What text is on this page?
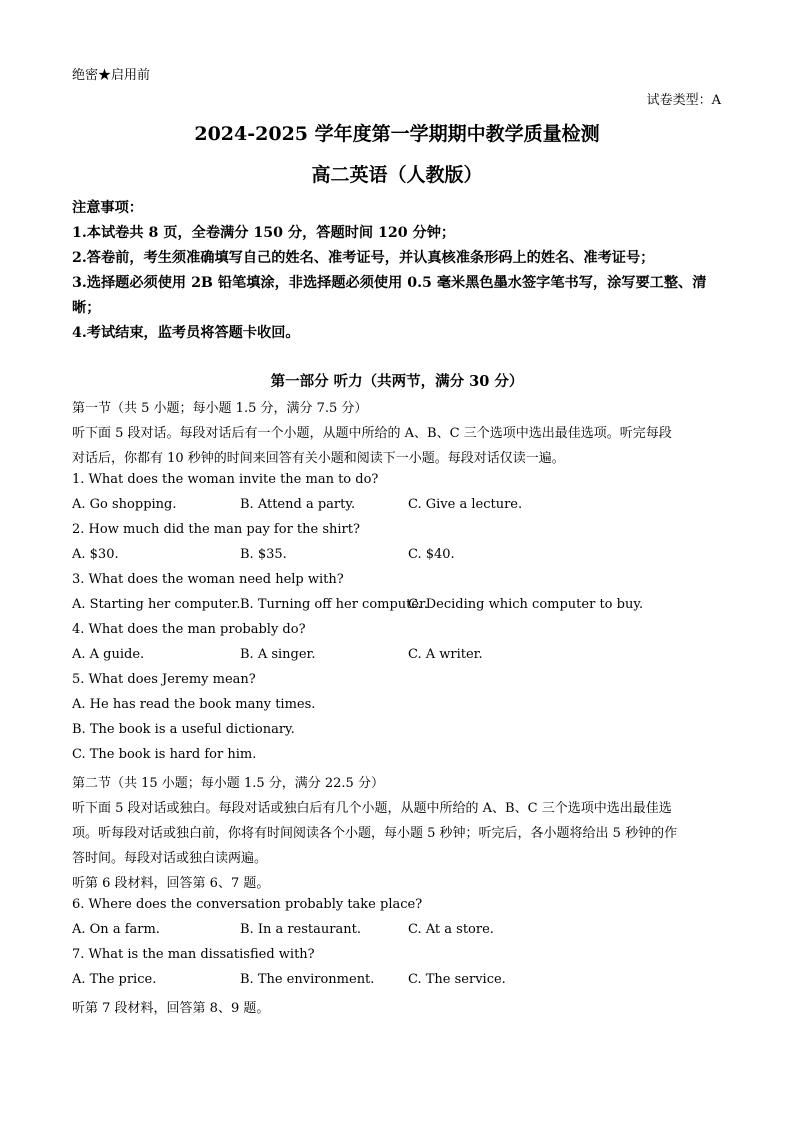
绝密★启用前
试卷类型：A
2024-2025 学年度第一学期期中教学质量检测
高二英语（人教版）
注意事项：
1.本试卷共 8 页，全卷满分 150 分，答题时间 120 分钟；
2.答卷前，考生须准确填写自己的姓名、准考证号，并认真核准条形码上的姓名、准考证号；
3.选择题必须使用 2B 铅笔填涂，非选择题必须使用 0.5 毫米黑色墨水签字笔书写，涂写要工整、清晰；
4.考试结束，监考员将答题卡收回。
第一部分 听力（共两节，满分 30 分）
第一节（共 5 小题；每小题 1.5 分，满分 7.5 分）
听下面 5 段对话。每段对话后有一个小题，从题中所给的 A、B、C 三个选项中选出最佳选项。听完每段
对话后，你都有 10 秒钟的时间来回答有关小题和阅读下一小题。每段对话仅读一遍。
1. What does the woman invite the man to do?
A. Go shopping.	B. Attend a party.	C. Give a lecture.
2. How much did the man pay for the shirt?
A. $30.	B. $35.	C. $40.
3. What does the woman need help with?
A. Starting her computer. B. Turning off her computer.
C. Deciding which computer to buy.
4. What does the man probably do?
A. A guide.	B. A singer.	C. A writer.
5. What does Jeremy mean?
A. He has read the book many times.
B. The book is a useful dictionary.
C. The book is hard for him.
第二节（共 15 小题；每小题 1.5 分，满分 22.5 分）
听下面 5 段对话或独白。每段对话或独白后有几个小题，从题中所给的 A、B、C 三个选项中选出最佳选
项。听每段对话或独白前，你将有时间阅读各个小题，每小题 5 秒钟；听完后，各小题将给出 5 秒钟的作
答时间。每段对话或独白读两遍。
听第 6 段材料，回答第 6、7 题。
6. Where does the conversation probably take place?
A. On a farm.	B. In a restaurant.	C. At a store.
7. What is the man dissatisfied with?
A. The price.	B. The environment.	C. The service.
听第 7 段材料，回答第 8、9 题。
